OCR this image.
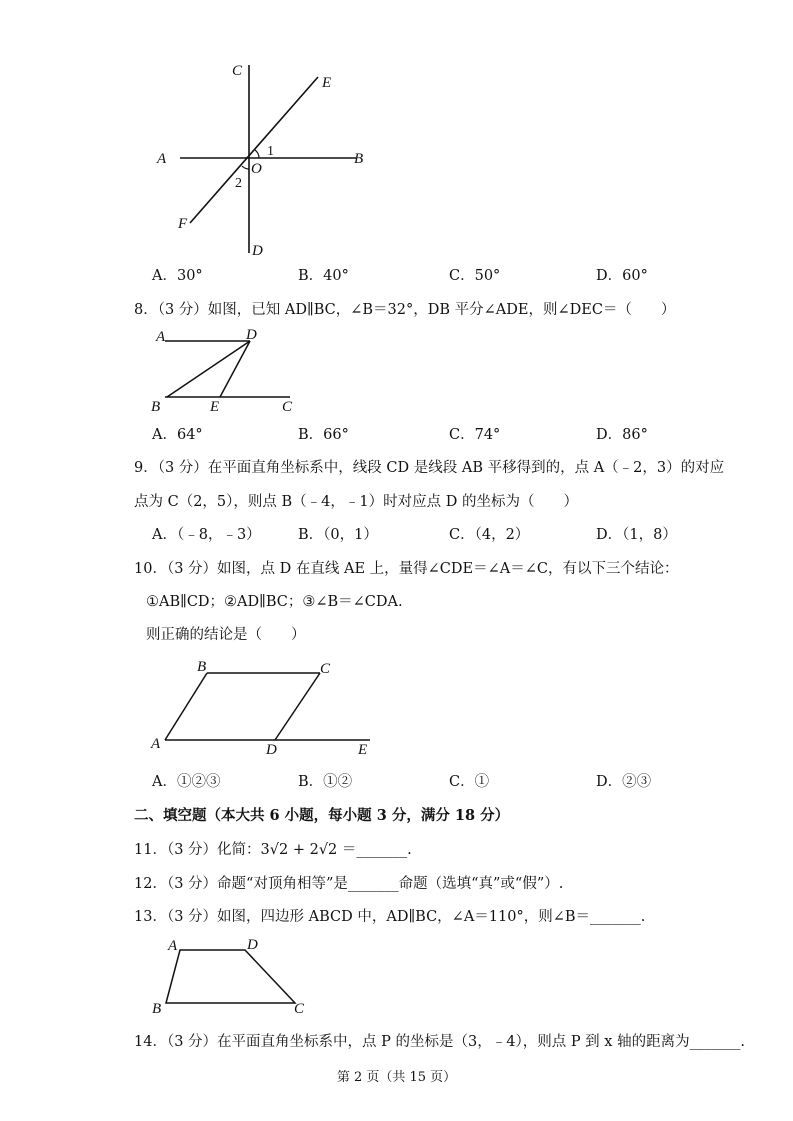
C
E
A
O
B
F
D
1
2
A．30°	B．40°	C．50°	D．60°
8．（3 分）如图，已知 AD∥BC，∠B＝32°，DB 平分∠ADE，则∠DEC＝（　　）
A	D
B	E	C
A．64°	B．66°	C．74°	D．86°
9．（3 分）在平面直角坐标系中，线段 CD 是线段 AB 平移得到的，点 A（﹣2，3）的对应
点为 C（2，5），则点 B（﹣4，﹣1）时对应点 D 的坐标为（　　）
A．（﹣8，﹣3）	B．（0，1）	C．（4，2）	D．（1，8）
10．（3 分）如图，点 D 在直线 AE 上，量得∠CDE＝∠A＝∠C，有以下三个结论：
①AB∥CD；②AD∥BC；③∠B＝∠CDA.
则正确的结论是（　　）
B	C
A	D	E
A．①②③	B．①②	C．①	D．②③
二、填空题（本大共 6 小题，每小题 3 分，满分 18 分）
11．（3 分）化简：3√2 + 2√2 ＝_______.
12．（3 分）命题“对顶角相等”是_______命题（选填“真”或“假”）.
13．（3 分）如图，四边形 ABCD 中，AD∥BC，∠A＝110°，则∠B＝_______.
A	D
B	C
14．（3 分）在平面直角坐标系中，点 P 的坐标是（3，﹣4），则点 P 到 x 轴的距离为_______.
第 2 页（共 15 页）
